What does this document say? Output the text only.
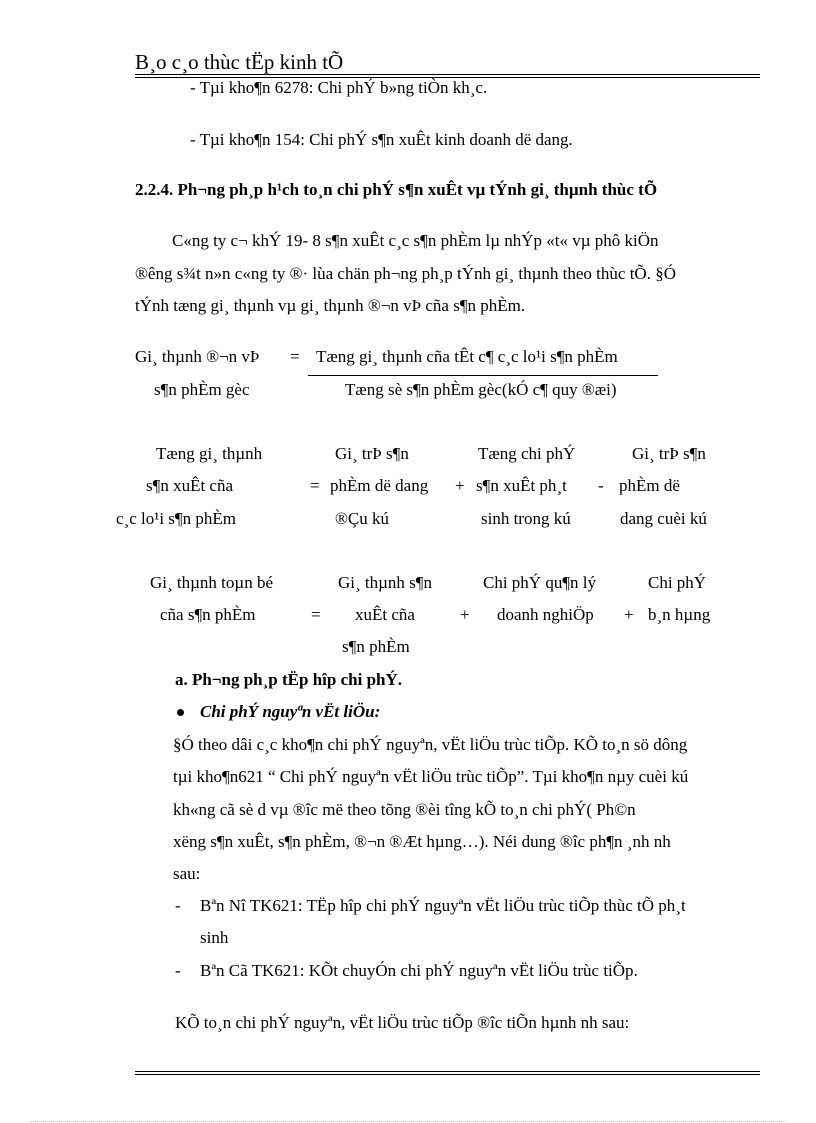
B¸o c¸o thùc tËp kinh tÕ
- Tµi kho¶n 6278: Chi phÝ b»ng tiÒn kh¸c.
- Tµi kho¶n 154: Chi phÝ s¶n xuÊt kinh doanh dë dang.
2.2.4. Ph¬ng ph¸p h¹ch to¸n chi phÝ s¶n xuÊt vµ tÝnh gi¸ thµnh thùc tÕ
C«ng ty c¬ khÝ 19- 8 s¶n xuÊt c¸c s¶n phÈm lµ nhÝp «t« vµ phô kiÖn
®êng s¾t n»n c«ng ty ®· lùa chän ph¬ng ph¸p tÝnh gi¸ thµnh theo thùc tÕ. §Ó
tÝnh tæng gi¸ thµnh vµ gi¸ thµnh ®¬n vÞ cña s¶n phÈm.
Gi¸ thµnh ®¬n vÞ
s¶n phÈm gèc
= Tæng gi¸ thµnh cña tÊt c¶ c¸c lo¹i s¶n phÈm
Tæng sè s¶n phÈm gèc(kÓ c¶ quy ®æi)
Tæng gi¸ thµnh
s¶n xuÊt cña
c¸c lo¹i s¶n phÈm
=
Gi¸ trÞ s¶n
phÈm dë dang
®Çu kú
+
Tæng chi phÝ
s¶n xuÊt ph¸t
sinh trong kú
-
Gi¸ trÞ s¶n
phÈm dë
dang cuèi kú
Gi¸ thµnh toµn bé
cña s¶n phÈm	=
Gi¸ thµnh s¶n
xuÊt cña
s¶n phÈm
+
Chi phÝ qu¶n lý
doanh nghiÖp +
Chi phÝ
b¸n hµng
a. Ph¬ng ph¸p tËp hîp chi phÝ.
Chi phÝ nguyªn vËt liÖu:
§Ó theo dâi c¸c kho¶n chi phÝ nguyªn, vËt liÖu trùc tiÕp. KÕ to¸n sö dông
tµi kho¶n621 “ Chi phÝ nguyªn vËt liÖu trùc tiÕp”. Tµi kho¶n nµy cuèi kú
kh«ng cã sè d vµ ®îc më theo tõng ®èi tîng kÕ to¸n chi phÝ( Ph©n
xëng s¶n xuÊt, s¶n phÈm, ®¬n ®Æt hµng…). Néi dung ®îc ph¶n ¸nh nh
sau:
- Bªn Nî TK621: TËp hîp chi phÝ nguyªn vËt liÖu trùc tiÕp thùc tÕ ph¸t
sinh
- Bªn Cã TK621: KÕt chuyÓn chi phÝ nguyªn vËt liÖu trùc tiÕp.
KÕ to¸n chi phÝ nguyªn, vËt liÖu trùc tiÕp ®îc tiÕn hµnh nh sau:
